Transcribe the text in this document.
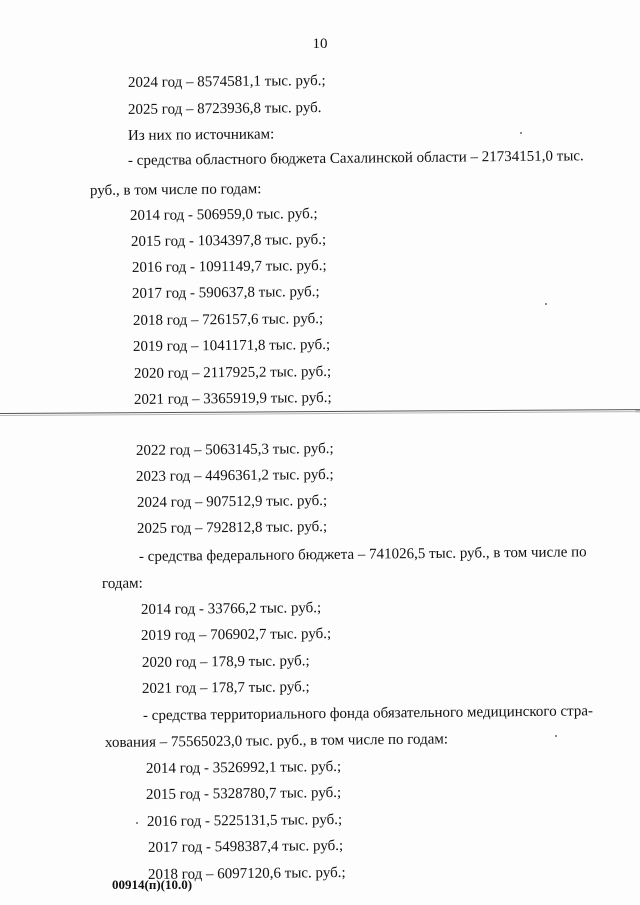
10
2024 год – 8574581,1 тыс. руб.;
2025 год – 8723936,8 тыс. руб.
Из них по источникам:
- средства областного бюджета Сахалинской области – 21734151,0 тыс.
руб., в том числе по годам:
2014 год - 506959,0 тыс. руб.;
2015 год - 1034397,8 тыс. руб.;
2016 год - 1091149,7 тыс. руб.;
2017 год - 590637,8 тыс. руб.;
2018 год – 726157,6 тыс. руб.;
2019 год – 1041171,8 тыс. руб.;
2020 год – 2117925,2 тыс. руб.;
2021 год – 3365919,9 тыс. руб.;
2022 год – 5063145,3 тыс. руб.;
2023 год – 4496361,2 тыс. руб.;
2024 год – 907512,9 тыс. руб.;
2025 год – 792812,8 тыс. руб.;
- средства федерального бюджета – 741026,5 тыс. руб., в том числе по
годам:
2014 год - 33766,2 тыс. руб.;
2019 год – 706902,7 тыс. руб.;
2020 год – 178,9 тыс. руб.;
2021 год – 178,7 тыс. руб.;
- средства территориального фонда обязательного медицинского стра-
хования – 75565023,0 тыс. руб., в том числе по годам:
2014 год - 3526992,1 тыс. руб.;
2015 год - 5328780,7 тыс. руб.;
2016 год - 5225131,5 тыс. руб.;
2017 год - 5498387,4 тыс. руб.;
2018 год – 6097120,6 тыс. руб.;
00914(п)(10.0)
